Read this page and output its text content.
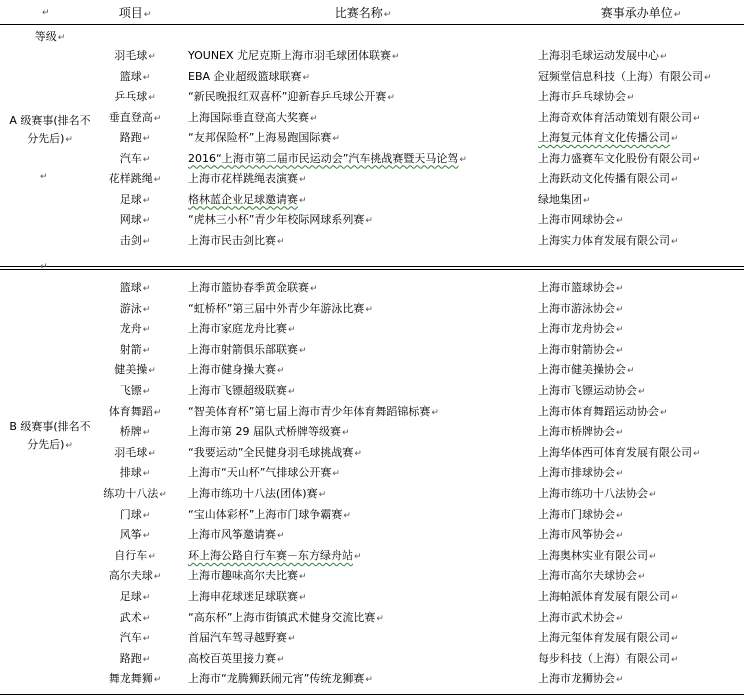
↵	项目↵	比赛名称↵	赛事承办单位↵
等级↵
A 级赛事(排名不分先后)↵
↵
羽毛球↵	YOUNEX 尤尼克斯上海市羽毛球团体联赛↵	上海羽毛球运动发展中心↵
篮球↵	EBA 企业超级篮球联赛↵	冠频堂信息科技（上海）有限公司↵
乒乓球↵	“新民晚报红双喜杯”迎新春乒乓球公开赛↵	上海市乒乓球协会↵
垂直登高↵	上海国际垂直登高大奖赛↵	上海奇欢体育活动策划有限公司↵
路跑↵	“友邦保险杯”上海易跑国际赛↵	上海复元体育文化传播公司↵
汽车↵	2016“上海市第二届市民运动会”汽车挑战赛暨天马论驾↵	上海力盛赛车文化股份有限公司↵
花样跳绳↵	上海市花样跳绳表演赛↵	上海跃动文化传播有限公司↵
足球↵	格林蓝企业足球邀请赛↵	绿地集团↵
网球↵	“虎林三小杯”青少年校际网球系列赛↵	上海市网球协会↵
击剑↵	上海市民击剑比赛↵	上海实力体育发展有限公司↵
↵
B 级赛事(排名不分先后)↵
篮球↵	上海市篮协春季黄金联赛↵	上海市篮球协会↵
游泳↵	“虹桥杯”第三届中外青少年游泳比赛↵	上海市游泳协会↵
龙舟↵	上海市家庭龙舟比赛↵	上海市龙舟协会↵
射箭↵	上海市射箭俱乐部联赛↵	上海市射箭协会↵
健美操↵	上海市健身操大赛↵	上海市健美操协会↵
飞镖↵	上海市飞镖超级联赛↵	上海市飞镖运动协会↵
体育舞蹈↵	“智美体育杯”第七届上海市青少年体育舞蹈锦标赛↵	上海市体育舞蹈运动协会↵
桥牌↵	上海市第 29 届队式桥牌等级赛↵	上海市桥牌协会↵
羽毛球↵	“我要运动”全民健身羽毛球挑战赛↵	上海华体西可体育发展有限公司↵
排球↵	上海市“天山杯”气排球公开赛↵	上海市排球协会↵
练功十八法↵ 上海市练功十八法(团体)赛↵	上海市练功十八法协会↵
门球↵	“宝山体彩杯”上海市门球争霸赛↵	上海市门球协会↵
风筝↵	上海市风筝邀请赛↵	上海市风筝协会↵
自行车↵	环上海公路自行车赛－东方绿舟站↵	上海奥林实业有限公司↵
高尔夫球↵	上海市趣味高尔夫比赛↵	上海市高尔夫球协会↵
足球↵	上海申花球迷足球联赛↵	上海帕派体育发展有限公司↵
武术↵	“高东杯”上海市街镇武术健身交流比赛↵	上海市武术协会↵
汽车↵	首届汽车驾寻越野赛↵	上海元玺体育发展有限公司↵
路跑↵	高校百英里接力赛↵	每步科技（上海）有限公司↵
舞龙舞狮↵	上海市“龙腾狮跃闹元宵”传统龙狮赛↵	上海市龙狮协会↵
